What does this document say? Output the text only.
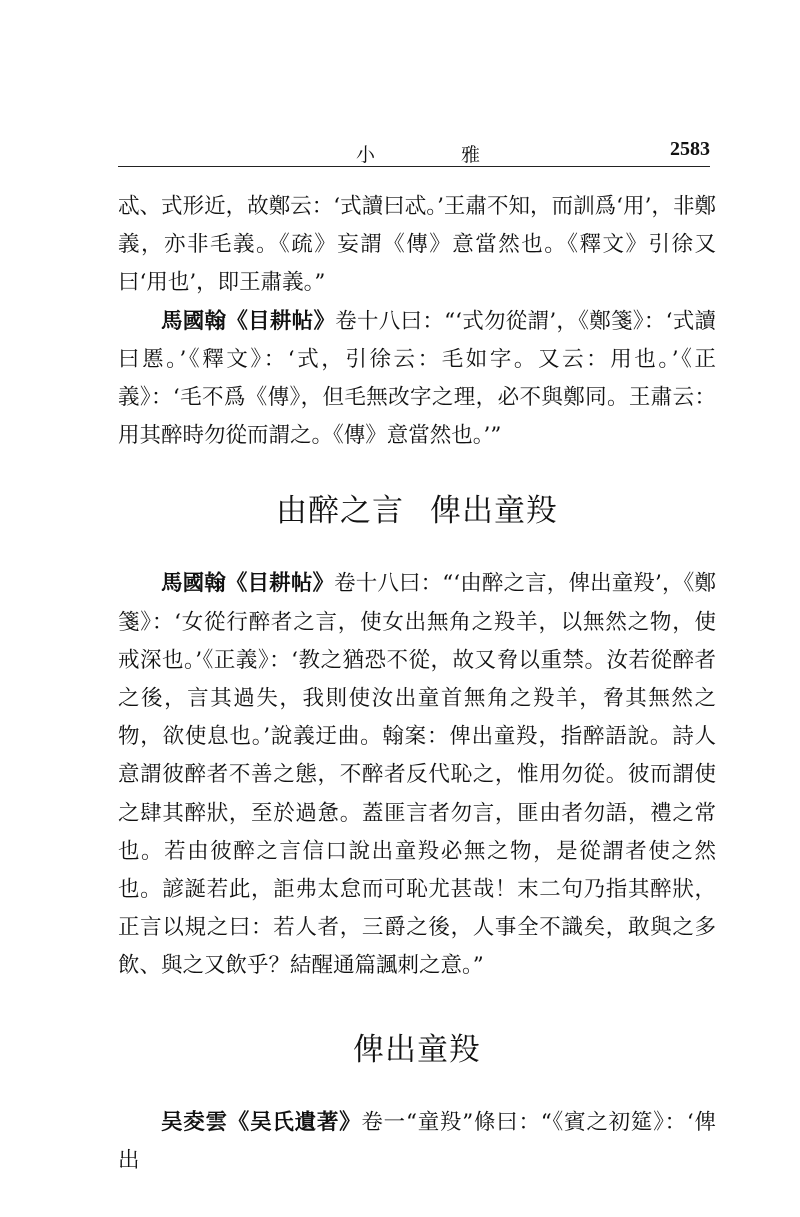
小 雅	2583

忒、式形近，故鄭云：‘式讀曰忒。’王肅不知，而訓爲‘用’，非鄭義，亦非毛義。《疏》妄謂《傳》意當然也。《釋文》引徐又曰‘用也’，即王肅義。”

馬國翰《目耕帖》卷十八曰：“‘式勿從謂’，《鄭箋》：‘式讀曰慝。’《釋文》：‘式，引徐云：毛如字。又云：用也。’《正義》：‘毛不爲《傳》，但毛無改字之理，必不與鄭同。王肅云：用其醉時勿從而謂之。《傳》意當然也。’”

由醉之言 俾出童羖

馬國翰《目耕帖》卷十八曰：“‘由醉之言，俾出童羖’，《鄭箋》：‘女從行醉者之言，使女出無角之羖羊，以無然之物，使戒深也。’《正義》：‘教之猶恐不從，故又脅以重禁。汝若從醉者之後，言其過失，我則使汝出童首無角之羖羊，脅其無然之物，欲使息也。’說義迂曲。翰案：俾出童羖，指醉語說。詩人意謂彼醉者不善之態，不醉者反代恥之，惟用勿從。彼而謂使之肆其醉狀，至於過惫。蓋匪言者勿言，匪由者勿語，禮之常也。若由彼醉之言信口說出童羖必無之物，是從謂者使之然也。諺誕若此，詎弗太怠而可恥尤甚哉！末二句乃指其醉狀，正言以規之曰：若人者，三爵之後，人事全不識矣，敢與之多飲、與之又飲乎？結醒通篇諷刺之意。”

俾出童羖

吴夌雲《吴氏遺著》卷一“童羖”條曰：“《賓之初筵》：‘俾出
